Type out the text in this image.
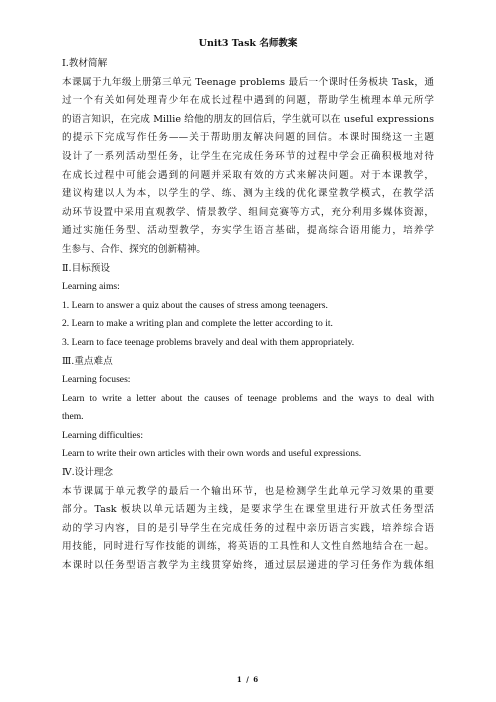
Unit3 Task 名师教案
Ⅰ.教材简解
本课属于九年级上册第三单元 Teenage problems 最后一个课时任务板块 Task，通
过一个有关如何处理青少年在成长过程中遇到的问题，帮助学生梳理本单元所学
的语言知识，在完成 Millie 给他的朋友的回信后，学生就可以在 useful expressions
的提示下完成写作任务——关于帮助朋友解决问题的回信。本课时围绕这一主题
设计了一系列活动型任务，让学生在完成任务环节的过程中学会正确积极地对待
在成长过程中可能会遇到的问题并采取有效的方式来解决问题。对于本课教学，
建议构建以人为本，以学生的学、练、测为主线的优化课堂教学模式，在教学活
动环节设置中采用直观教学、情景教学、组间竞赛等方式，充分利用多媒体资源，
通过实施任务型、活动型教学，夯实学生语言基础，提高综合语用能力，培养学
生参与、合作、探究的创新精神。
Ⅱ.目标预设
Learning aims:
1. Learn to answer a quiz about the causes of stress among teenagers.
2. Learn to make a writing plan and complete the letter according to it.
3. Learn to face teenage problems bravely and deal with them appropriately.
Ⅲ.重点难点
Learning focuses:
Learn to write a letter about the causes of teenage problems and the ways to deal with
them.
Learning difficulties:
Learn to write their own articles with their own words and useful expressions.
Ⅳ.设计理念
本节课属于单元教学的最后一个输出环节，也是检测学生此单元学习效果的重要
部分。Task 板块以单元话题为主线，是要求学生在课堂里进行开放式任务型活
动的学习内容，目的是引导学生在完成任务的过程中亲历语言实践，培养综合语
用技能，同时进行写作技能的训练，将英语的工具性和人文性自然地结合在一起。
本课时以任务型语言教学为主线贯穿始终，通过层层递进的学习任务作为载体组
1 / 6
